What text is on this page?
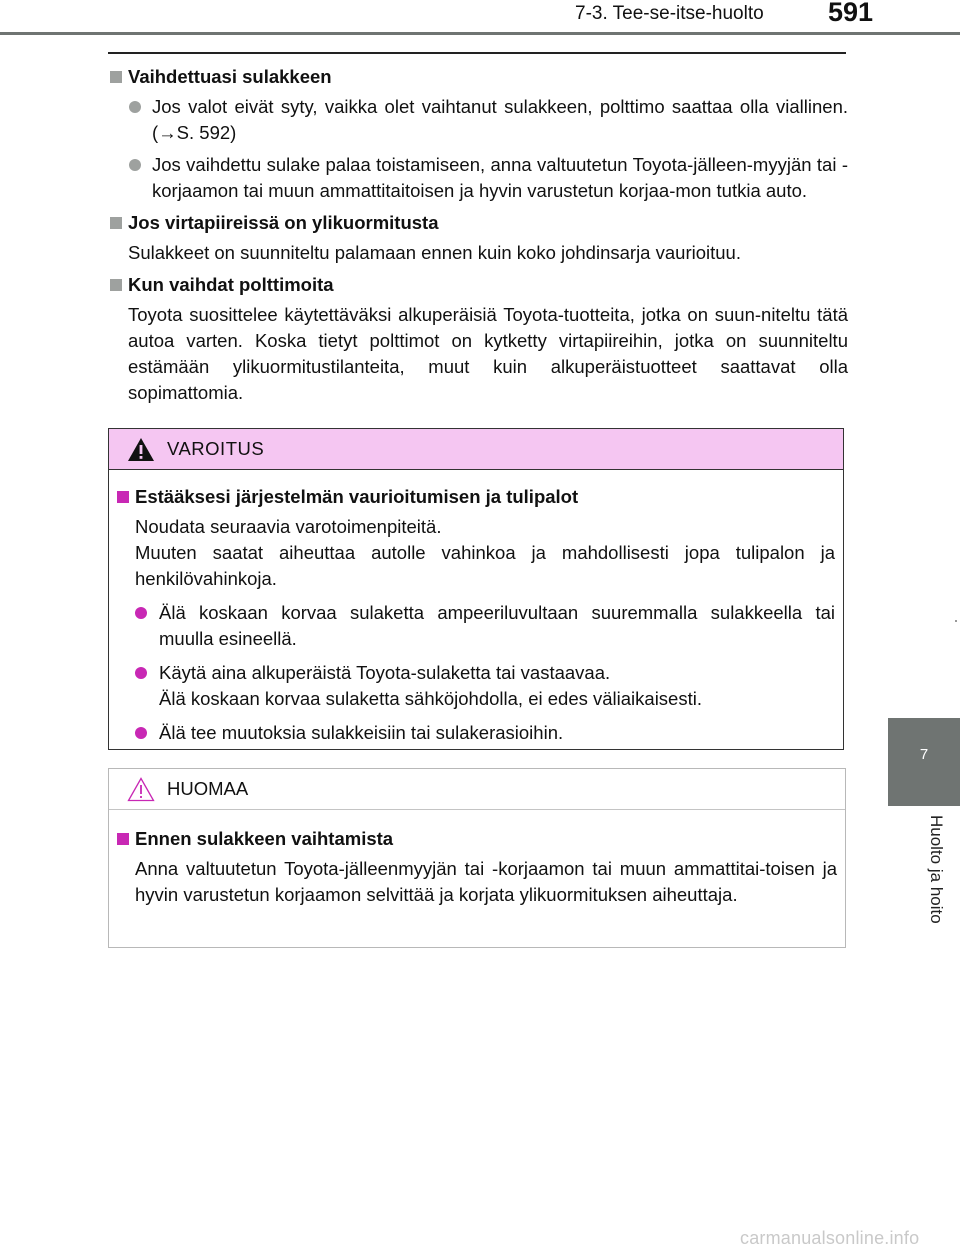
7-3. Tee-se-itse-huolto 591

Vaihdettuasi sulakkeen

Jos valot eivät syty, vaikka olet vaihtanut sulakkeen, polttimo saattaa olla viallinen. (→S. 592)

Jos vaihdettu sulake palaa toistamiseen, anna valtuutetun Toyota-jälleen-myyjän tai -korjaamon tai muun ammattitaitoisen ja hyvin varustetun korjaa-mon tutkia auto.

Jos virtapiireissä on ylikuormitusta

Sulakkeet on suunniteltu palamaan ennen kuin koko johdinsarja vaurioituu.

Kun vaihdat polttimoita

Toyota suosittelee käytettäväksi alkuperäisiä Toyota-tuotteita, jotka on suun-niteltu tätä autoa varten. Koska tietyt polttimot on kytketty virtapiireihin, jotka on suunniteltu estämään ylikuormitustilanteita, muut kuin alkuperäistuotteet saattavat olla sopimattomia.

VAROITUS

Estääksesi järjestelmän vaurioitumisen ja tulipalot

Noudata seuraavia varotoimenpiteitä.
Muuten saatat aiheuttaa autolle vahinkoa ja mahdollisesti jopa tulipalon ja henkilövahinkoja.

Älä koskaan korvaa sulaketta ampeeriluvultaan suuremmalla sulakkeella tai muulla esineellä.

Käytä aina alkuperäistä Toyota-sulaketta tai vastaavaa.
Älä koskaan korvaa sulaketta sähköjohdolla, ei edes väliaikaisesti.

Älä tee muutoksia sulakkeisiin tai sulakerasioihin.

HUOMAA

Ennen sulakkeen vaihtamista

Anna valtuutetun Toyota-jälleenmyyjän tai -korjaamon tai muun ammattitai-toisen ja hyvin varustetun korjaamon selvittää ja korjata ylikuormituksen aiheuttaja.

7
Huolto ja hoito
carmanualsonline.info
